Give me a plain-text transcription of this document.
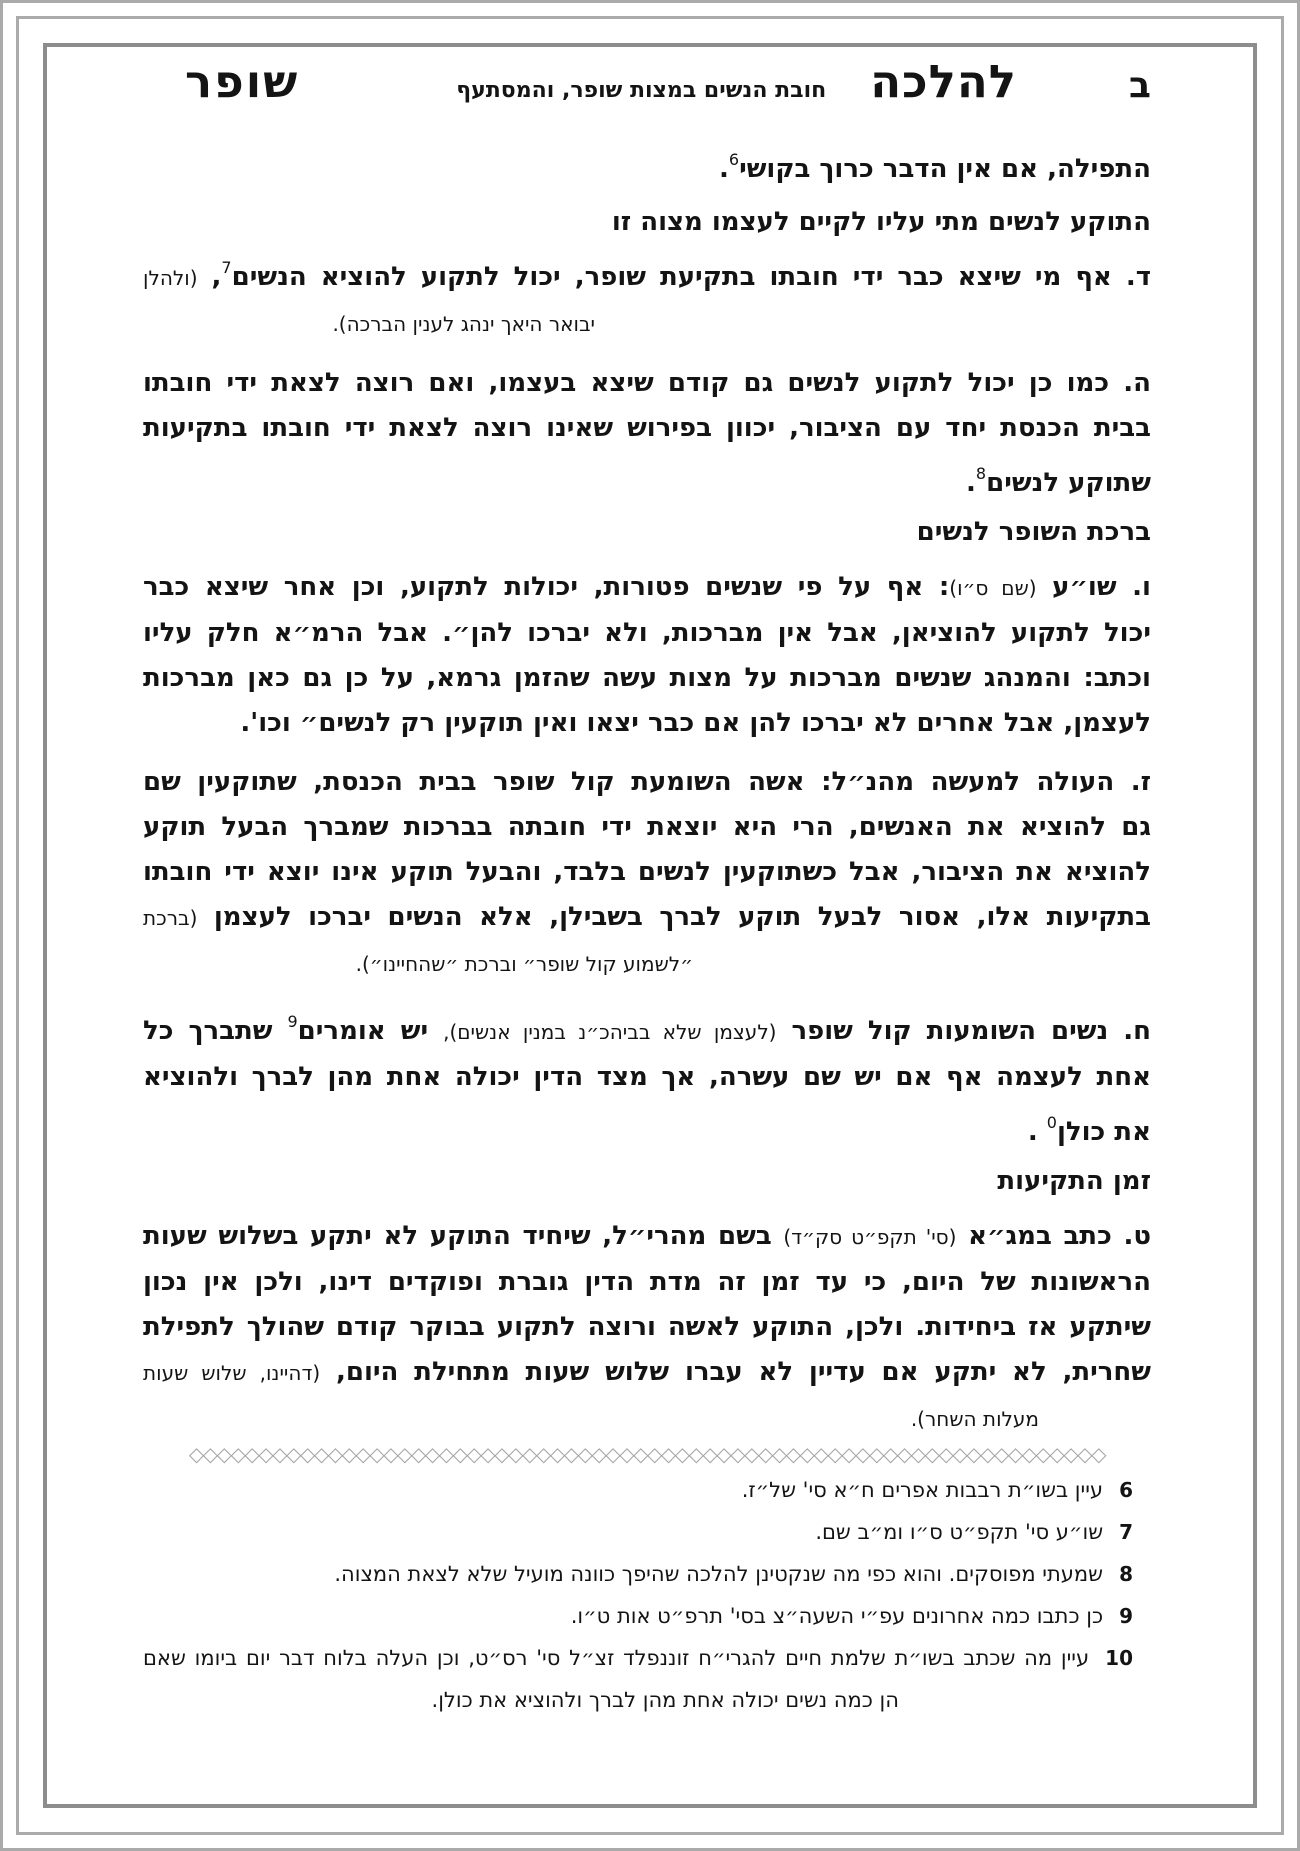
ב
להלכה
חובת הנשים במצות שופר, והמסתעף
שופר
התפילה, אם אין הדבר כרוך בקושי$^6$.
התוקע לנשים מתי עליו לקיים לעצמו מצוה זו
ד. אף מי שיצא כבר ידי חובתו בתקיעת שופר, יכול לתקוע להוציא הנשים$^7$, (ולהלן
יבואר היאך ינהג לענין הברכה).
ה. כמו כן יכול לתקוע לנשים גם קודם שיצא בעצמו, ואם רוצה לצאת ידי חובתו
בבית הכנסת יחד עם הציבור, יכוון בפירוש שאינו רוצה לצאת ידי חובתו בתקיעות
שתוקע לנשים$^8$.
ברכת השופר לנשים
ו. שו״ע (שם ס״ו): אף על פי שנשים פטורות, יכולות לתקוע, וכן אחר שיצא כבר
יכול לתקוע להוציאן, אבל אין מברכות, ולא יברכו להן״. אבל הרמ״א חלק עליו
וכתב: והמנהג שנשים מברכות על מצות עשה שהזמן גרמא, על כן גם כאן מברכות
לעצמן, אבל אחרים לא יברכו להן אם כבר יצאו ואין תוקעין רק לנשים״ וכו'.
ז. העולה למעשה מהנ״ל: אשה השומעת קול שופר בבית הכנסת, שתוקעין שם
גם להוציא את האנשים, הרי היא יוצאת ידי חובתה בברכות שמברך הבעל תוקע
להוציא את הציבור, אבל כשתוקעין לנשים בלבד, והבעל תוקע אינו יוצא ידי חובתו
בתקיעות אלו, אסור לבעל תוקע לברך בשבילן, אלא הנשים יברכו לעצמן (ברכת
״לשמוע קול שופר״ וברכת ״שהחיינו״).
ח. נשים השומעות קול שופר (לעצמן שלא בביהכ״נ במנין אנשים), יש אומרים$^9$ שתברך כל
אחת לעצמה אף אם יש שם עשרה, אך מצד הדין יכולה אחת מהן לברך ולהוציא
את כולן$^0$ .
זמן התקיעות
ט. כתב במג״א (סי' תקפ״ט סק״ד) בשם מהרי״ל, שיחיד התוקע לא יתקע בשלוש שעות
הראשונות של היום, כי עד זמן זה מדת הדין גוברת ופוקדים דינו, ולכן אין נכון
שיתקע אז ביחידות. ולכן, התוקע לאשה ורוצה לתקוע בבוקר קודם שהולך לתפילת
שחרית, לא יתקע אם עדיין לא עברו שלוש שעות מתחילת היום, (דהיינו, שלוש שעות
מעלות השחר).
◇◇◇◇◇◇◇◇◇◇◇◇◇◇◇◇◇◇◇◇◇◇◇◇◇◇◇◇◇◇◇◇◇◇◇◇◇◇◇◇◇◇◇◇◇◇◇◇◇◇◇◇◇◇◇◇◇◇◇◇◇◇◇◇◇◇
6עיין בשו״ת רבבות אפרים ח״א סי' של״ז.
7שו״ע סי' תקפ״ט ס״ו ומ״ב שם.
8שמעתי מפוסקים. והוא כפי מה שנקטינן להלכה שהיפך כוונה מועיל שלא לצאת המצוה.
9כן כתבו כמה אחרונים עפ״י השעה״צ בסי' תרפ״ט אות ט״ו.
10עיין מה שכתב בשו״ת שלמת חיים להגרי״ח זוננפלד זצ״ל סי' רס״ט, וכן העלה בלוח דבר יום ביומו שאם
הן כמה נשים יכולה אחת מהן לברך ולהוציא את כולן.
